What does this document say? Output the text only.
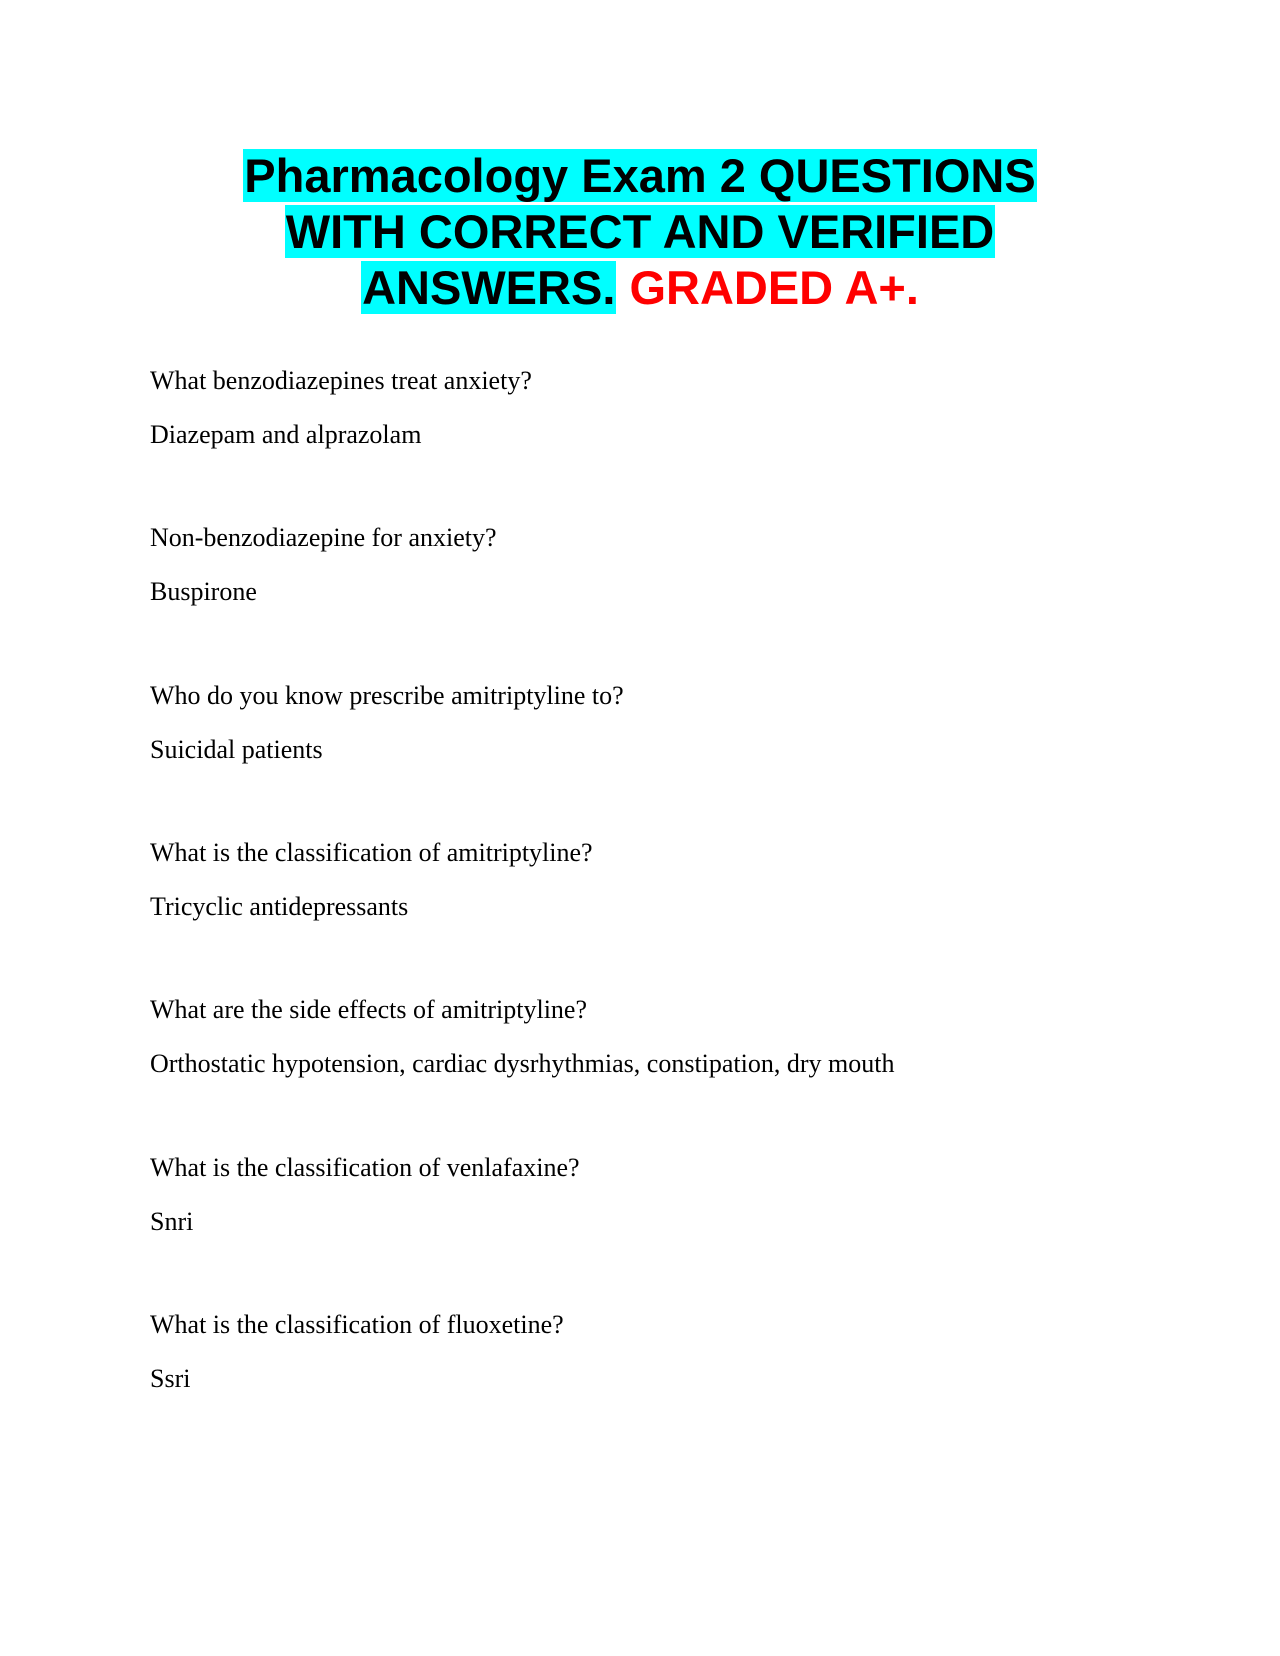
Pharmacology Exam 2 QUESTIONS
WITH CORRECT AND VERIFIED
ANSWERS. GRADED A+.

What benzodiazepines treat anxiety?

Diazepam and alprazolam

Non-benzodiazepine for anxiety?

Buspirone

Who do you know prescribe amitriptyline to?

Suicidal patients

What is the classification of amitriptyline?

Tricyclic antidepressants

What are the side effects of amitriptyline?

Orthostatic hypotension, cardiac dysrhythmias, constipation, dry mouth

What is the classification of venlafaxine?

Snri

What is the classification of fluoxetine?

Ssri
